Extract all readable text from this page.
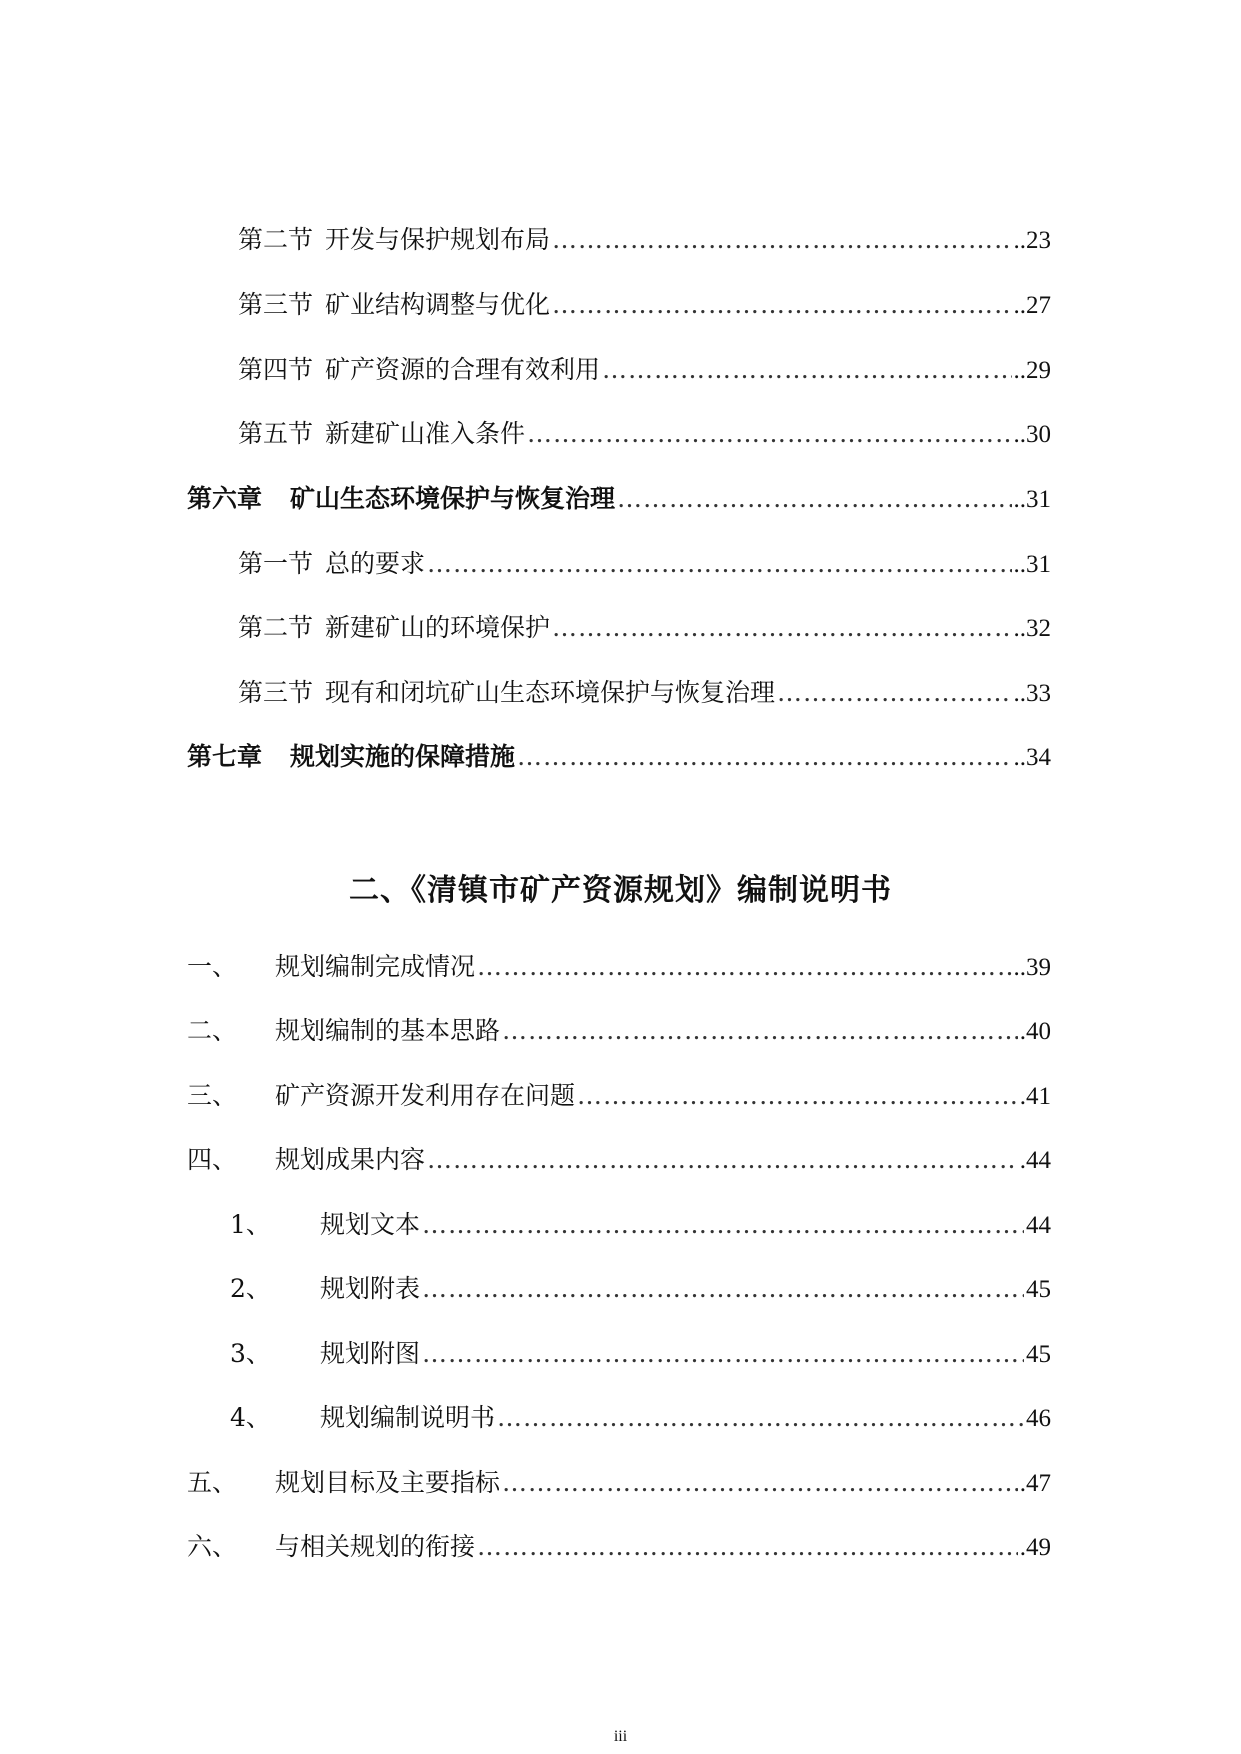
第二节 开发与保护规划布局 …………………………………………………………………………………………………………………………………………………………	..23
第三节 矿业结构调整与优化 …………………………………………………………………………………………………………………………………………………………	..27
第四节 矿产资源的合理有效利用 …………………………………………………………………………………………………………………………………………………………	..29
第五节 新建矿山准入条件 …………………………………………………………………………………………………………………………………………………………	..30
第六章 矿山生态环境保护与恢复治理 …………………………………………………………………………………………………………………………………………………………	..31
第一节 总的要求 …………………………………………………………………………………………………………………………………………………………	..31
第二节 新建矿山的环境保护 …………………………………………………………………………………………………………………………………………………………	..32
第三节 现有和闭坑矿山生态环境保护与恢复治理 …………………………………………………………………………………………………………………………………………………………	..33
第七章 规划实施的保障措施 …………………………………………………………………………………………………………………………………………………………	..34
二、《清镇市矿产资源规划》编制说明书
一、 规划编制完成情况 …………………………………………………………………………………………………………………………………………………………	..39
二、 规划编制的基本思路 …………………………………………………………………………………………………………………………………………………………	.40
三、 矿产资源开发利用存在问题 …………………………………………………………………………………………………………………………………………………………	.41
四、 规划成果内容 …………………………………………………………………………………………………………………………………………………………	.44
1、 规划文本 …………………………………………………………………………………………………………………………………………………………	44
2、 规划附表 …………………………………………………………………………………………………………………………………………………………	45
3、 规划附图 …………………………………………………………………………………………………………………………………………………………	45
4、 规划编制说明书 …………………………………………………………………………………………………………………………………………………………	46
五、 规划目标及主要指标 …………………………………………………………………………………………………………………………………………………………	.47
六、 与相关规划的衔接 …………………………………………………………………………………………………………………………………………………………	.49
iii
